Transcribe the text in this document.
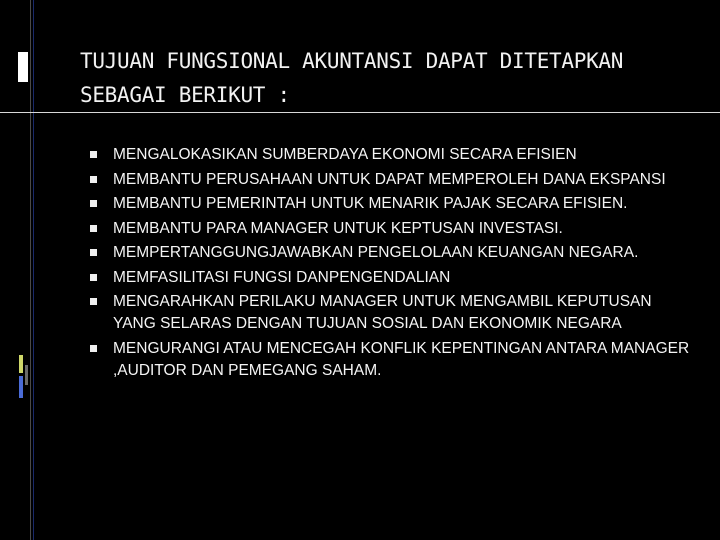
TUJUAN FUNGSIONAL AKUNTANSI DAPAT DITETAPKAN SEBAGAI BERIKUT :
MENGALOKASIKAN SUMBERDAYA EKONOMI SECARA EFISIEN
MEMBANTU PERUSAHAAN UNTUK DAPAT MEMPEROLEH DANA EKSPANSI
MEMBANTU PEMERINTAH UNTUK MENARIK PAJAK SECARA EFISIEN.
MEMBANTU PARA MANAGER UNTUK KEPTUSAN INVESTASI.
MEMPERTANGGUNGJAWABKAN PENGELOLAAN KEUANGAN NEGARA.
MEMFASILITASI FUNGSI DANPENGENDALIAN
MENGARAHKAN PERILAKU MANAGER UNTUK MENGAMBIL KEPUTUSAN YANG SELARAS DENGAN TUJUAN SOSIAL DAN EKONOMIK NEGARA
MENGURANGI ATAU MENCEGAH KONFLIK KEPENTINGAN ANTARA MANAGER ,AUDITOR DAN PEMEGANG SAHAM.
